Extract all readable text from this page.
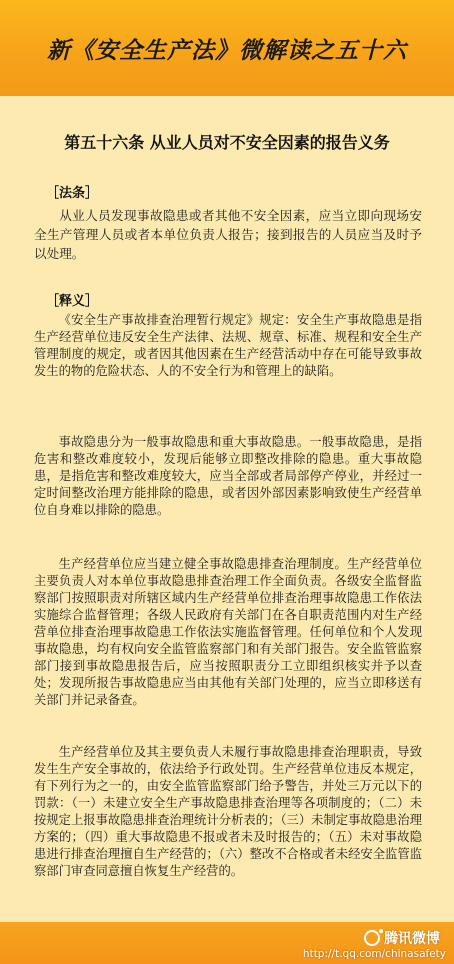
新《安全生产法》微解读之五十六
第五十六条 从业人员对不安全因素的报告义务
［法条］

从业人员发现事故隐患或者其他不安全因素，应当立即向现场安全生产管理人员或者本单位负责人报告；接到报告的人员应当及时予以处理。

［释义］

《安全生产事故排查治理暂行规定》规定：安全生产事故隐患是指生产经营单位违反安全生产法律、法规、规章、标准、规程和安全生产管理制度的规定，或者因其他因素在生产经营活动中存在可能导致事故发生的物的危险状态、人的不安全行为和管理上的缺陷。

事故隐患分为一般事故隐患和重大事故隐患。一般事故隐患，是指危害和整改难度较小，发现后能够立即整改排除的隐患。重大事故隐患，是指危害和整改难度较大，应当全部或者局部停产停业，并经过一定时间整改治理方能排除的隐患，或者因外部因素影响致使生产经营单位自身难以排除的隐患。

生产经营单位应当建立健全事故隐患排查治理制度。生产经营单位主要负责人对本单位事故隐患排查治理工作全面负责。各级安全监督监察部门按照职责对所辖区域内生产经营单位排查治理事故隐患工作依法实施综合监督管理；各级人民政府有关部门在各自职责范围内对生产经营单位排查治理事故隐患工作依法实施监督管理。任何单位和个人发现事故隐患，均有权向安全监管监察部门和有关部门报告。安全监管监察部门接到事故隐患报告后，应当按照职责分工立即组织核实并予以查处；发现所报告事故隐患应当由其他有关部门处理的，应当立即移送有关部门并记录备查。

生产经营单位及其主要负责人未履行事故隐患排查治理职责，导致发生生产安全事故的，依法给予行政处罚。生产经营单位违反本规定，有下列行为之一的，由安全监管监察部门给予警告，并处三万元以下的罚款：（一）未建立安全生产事故隐患排查治理等各项制度的；（二）未按规定上报事故隐患排查治理统计分析表的；（三）未制定事故隐患治理方案的；（四）重大事故隐患不报或者未及时报告的；（五）未对事故隐患进行排查治理擅自生产经营的；（六）整改不合格或者未经安全监管监察部门审查同意擅自恢复生产经营的。

腾讯微博
http://t.qq.com/chinasafety
